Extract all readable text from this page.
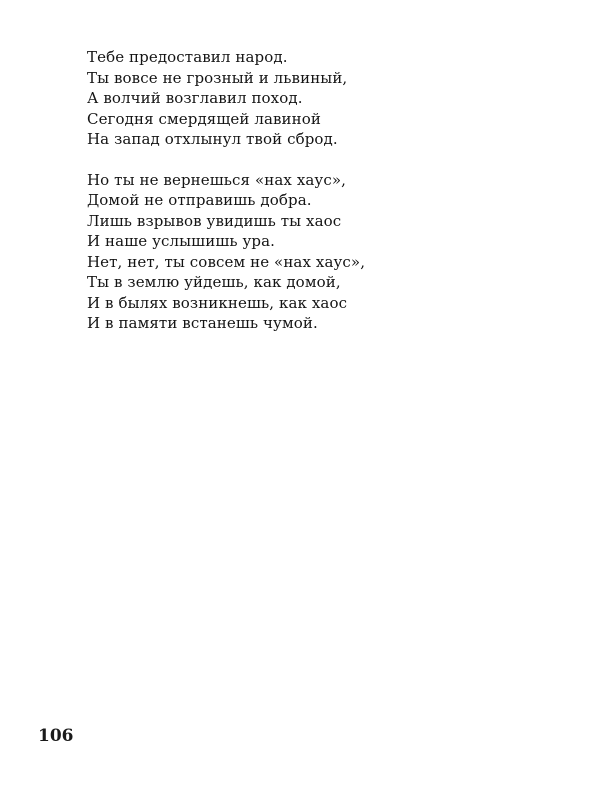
Тебе предоставил народ.
Ты вовсе не грозный и львиный,
А волчий возглавил поход.
Сегодня смердящей лавиной
На запад отхлынул твой сброд.
Но ты не вернешься «нах хаус»,
Домой не отправишь добра.
Лишь взрывов увидишь ты хаос
И наше услышишь ура.
Нет, нет, ты совсем не «нах хаус»,
Ты в землю уйдешь, как домой,
И в былях возникнешь, как хаос
И в памяти встанешь чумой.
106
